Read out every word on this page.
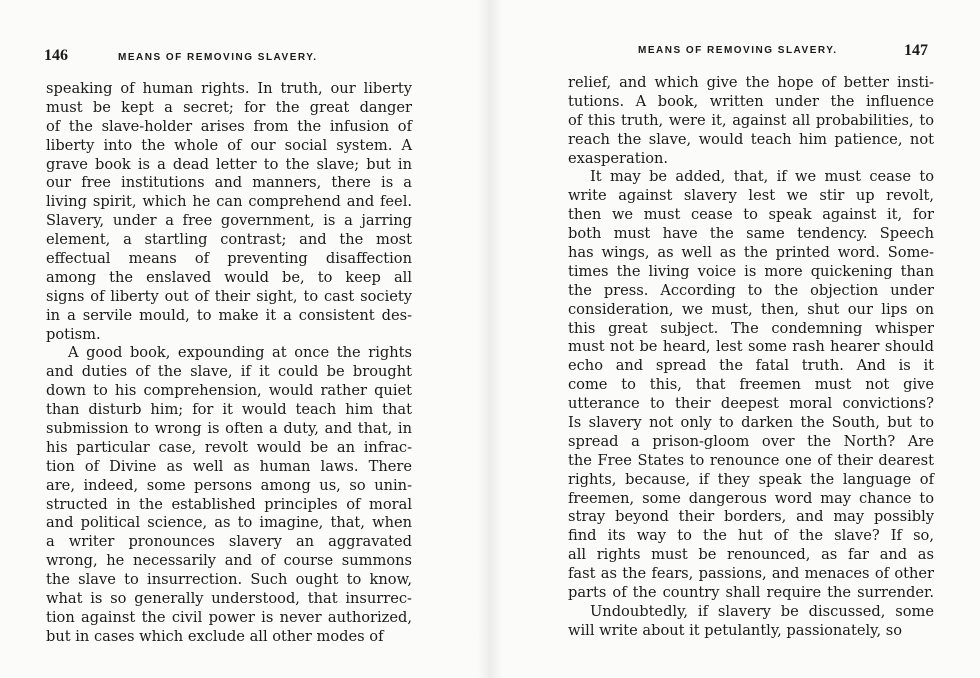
146	MEANS OF REMOVING SLAVERY.
speaking of human rights. In truth, our liberty
must be kept a secret; for the great danger
of the slave-holder arises from the infusion of
liberty into the whole of our social system. A
grave book is a dead letter to the slave; but in
our free institutions and manners, there is a
living spirit, which he can comprehend and feel.
Slavery, under a free government, is a jarring
element, a startling contrast; and the most
effectual means of preventing disaffection
among the enslaved would be, to keep all
signs of liberty out of their sight, to cast society
in a servile mould, to make it a consistent des-
potism.
A good book, expounding at once the rights
and duties of the slave, if it could be brought
down to his comprehension, would rather quiet
than disturb him; for it would teach him that
submission to wrong is often a duty, and that, in
his particular case, revolt would be an infrac-
tion of Divine as well as human laws. There
are, indeed, some persons among us, so unin-
structed in the established principles of moral
and political science, as to imagine, that, when
a writer pronounces slavery an aggravated
wrong, he necessarily and of course summons
the slave to insurrection. Such ought to know,
what is so generally understood, that insurrec-
tion against the civil power is never authorized,
but in cases which exclude all other modes of
MEANS OF REMOVING SLAVERY.	147
relief, and which give the hope of better insti-
tutions. A book, written under the influence
of this truth, were it, against all probabilities, to
reach the slave, would teach him patience, not
exasperation.
It may be added, that, if we must cease to
write against slavery lest we stir up revolt,
then we must cease to speak against it, for
both must have the same tendency. Speech
has wings, as well as the printed word. Some-
times the living voice is more quickening than
the press. According to the objection under
consideration, we must, then, shut our lips on
this great subject. The condemning whisper
must not be heard, lest some rash hearer should
echo and spread the fatal truth. And is it
come to this, that freemen must not give
utterance to their deepest moral convictions?
Is slavery not only to darken the South, but to
spread a prison-gloom over the North? Are
the Free States to renounce one of their dearest
rights, because, if they speak the language of
freemen, some dangerous word may chance to
stray beyond their borders, and may possibly
find its way to the hut of the slave? If so,
all rights must be renounced, as far and as
fast as the fears, passions, and menaces of other
parts of the country shall require the surrender.
Undoubtedly, if slavery be discussed, some
will write about it petulantly, passionately, so
